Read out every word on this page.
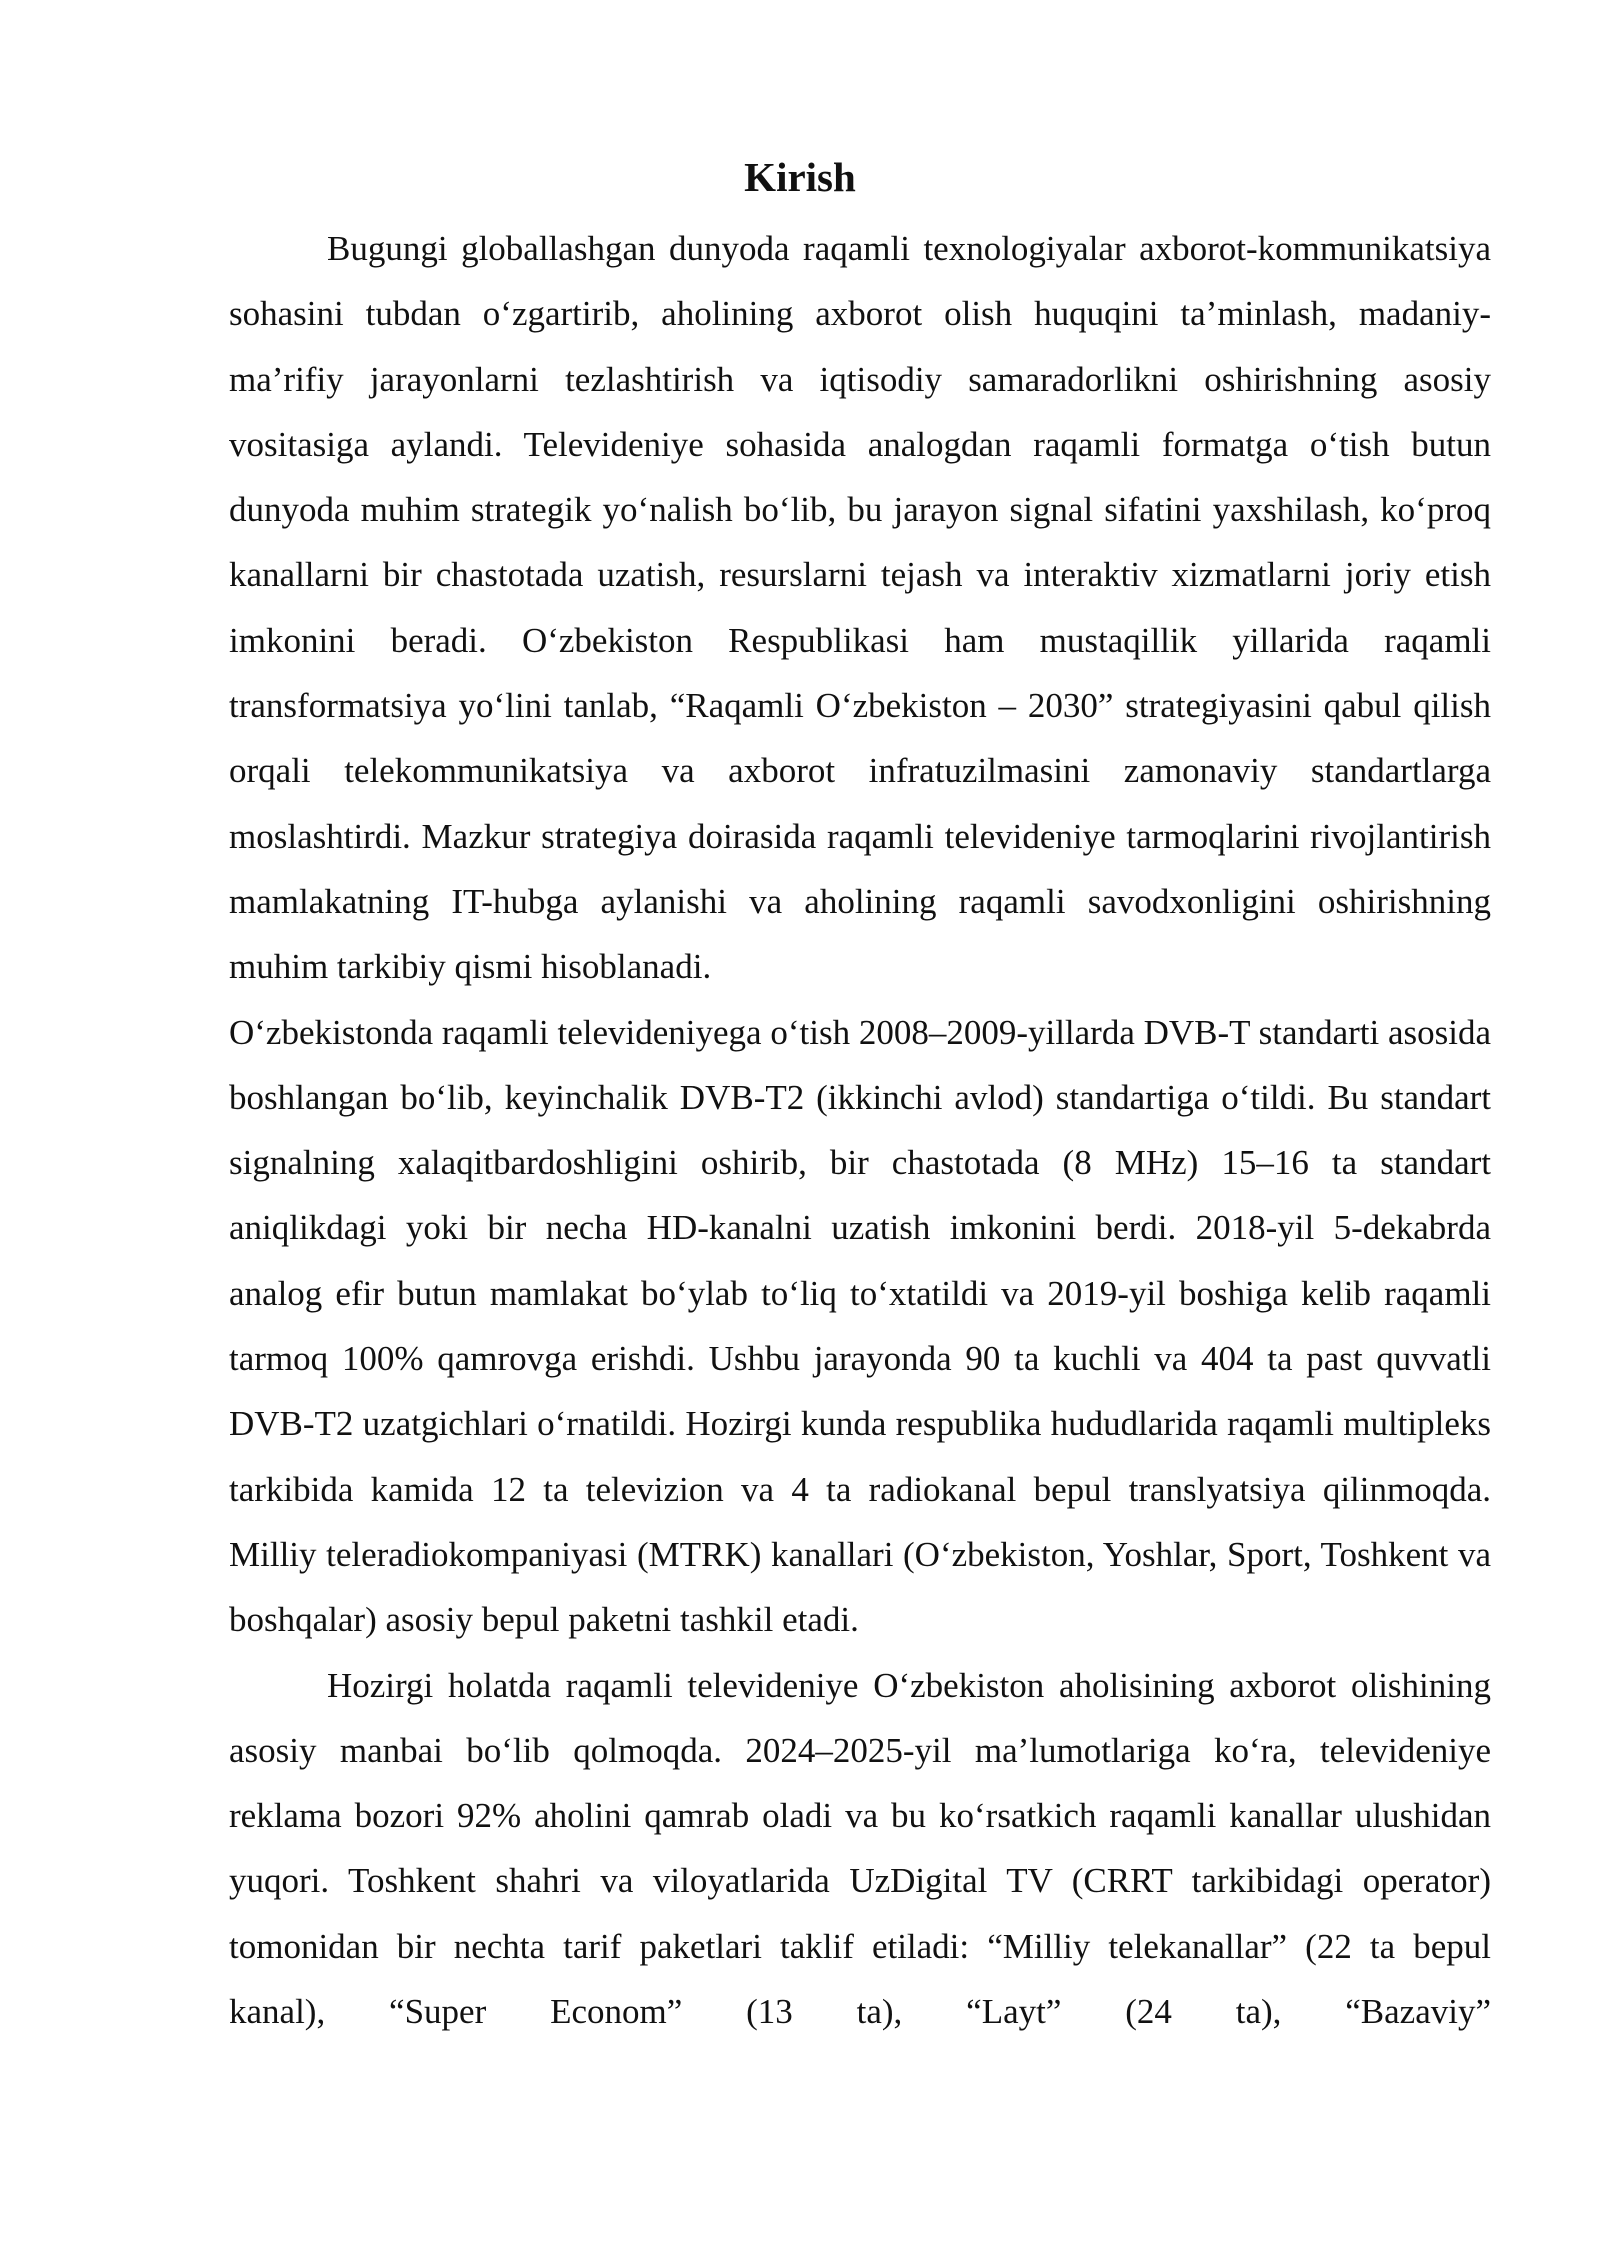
Kirish

Bugungi globallashgan dunyoda raqamli texnologiyalar axborot-kommunikatsiya sohasini tubdan o‘zgartirib, aholining axborot olish huquqini ta’minlash, madaniy-ma’rifiy jarayonlarni tezlashtirish va iqtisodiy samaradorlikni oshirishning asosiy vositasiga aylandi. Televideniye sohasida analogdan raqamli formatga o‘tish butun dunyoda muhim strategik yo‘nalish bo‘lib, bu jarayon signal sifatini yaxshilash, ko‘proq kanallarni bir chastotada uzatish, resurslarni tejash va interaktiv xizmatlarni joriy etish imkonini beradi. O‘zbekiston Respublikasi ham mustaqillik yillarida raqamli transformatsiya yo‘lini tanlab, “Raqamli O‘zbekiston – 2030” strategiyasini qabul qilish orqali telekommunikatsiya va axborot infratuzilmasini zamonaviy standartlarga moslashtirdi. Mazkur strategiya doirasida raqamli televideniye tarmoqlarini rivojlantirish mamlakatning IT-hubga aylanishi va aholining raqamli savodxonligini oshirishning muhim tarkibiy qismi hisoblanadi.

O‘zbekistonda raqamli televideniyega o‘tish 2008–2009-yillarda DVB-T standarti asosida boshlangan bo‘lib, keyinchalik DVB-T2 (ikkinchi avlod) standartiga o‘tildi. Bu standart signalning xalaqitbardoshligini oshirib, bir chastotada (8 MHz) 15–16 ta standart aniqlikdagi yoki bir necha HD-kanalni uzatish imkonini berdi. 2018-yil 5-dekabrda analog efir butun mamlakat bo‘ylab to‘liq to‘xtatildi va 2019-yil boshiga kelib raqamli tarmoq 100% qamrovga erishdi. Ushbu jarayonda 90 ta kuchli va 404 ta past quvvatli DVB-T2 uzatgichlari o‘rnatildi. Hozirgi kunda respublika hududlarida raqamli multipleks tarkibida kamida 12 ta televizion va 4 ta radiokanal bepul translyatsiya qilinmoqda. Milliy teleradiokompaniyasi (MTRK) kanallari (O‘zbekiston, Yoshlar, Sport, Toshkent va boshqalar) asosiy bepul paketni tashkil etadi.

Hozirgi holatda raqamli televideniye O‘zbekiston aholisining axborot olishining asosiy manbai bo‘lib qolmoqda. 2024–2025-yil ma’lumotlariga ko‘ra, televideniye reklama bozori 92% aholini qamrab oladi va bu ko‘rsatkich raqamli kanallar ulushidan yuqori. Toshkent shahri va viloyatlarida UzDigital TV (CRRT tarkibidagi operator) tomonidan bir nechta tarif paketlari taklif etiladi: “Milliy telekanallar” (22 ta bepul kanal), “Super Econom” (13 ta), “Layt” (24 ta), “Bazaviy”
